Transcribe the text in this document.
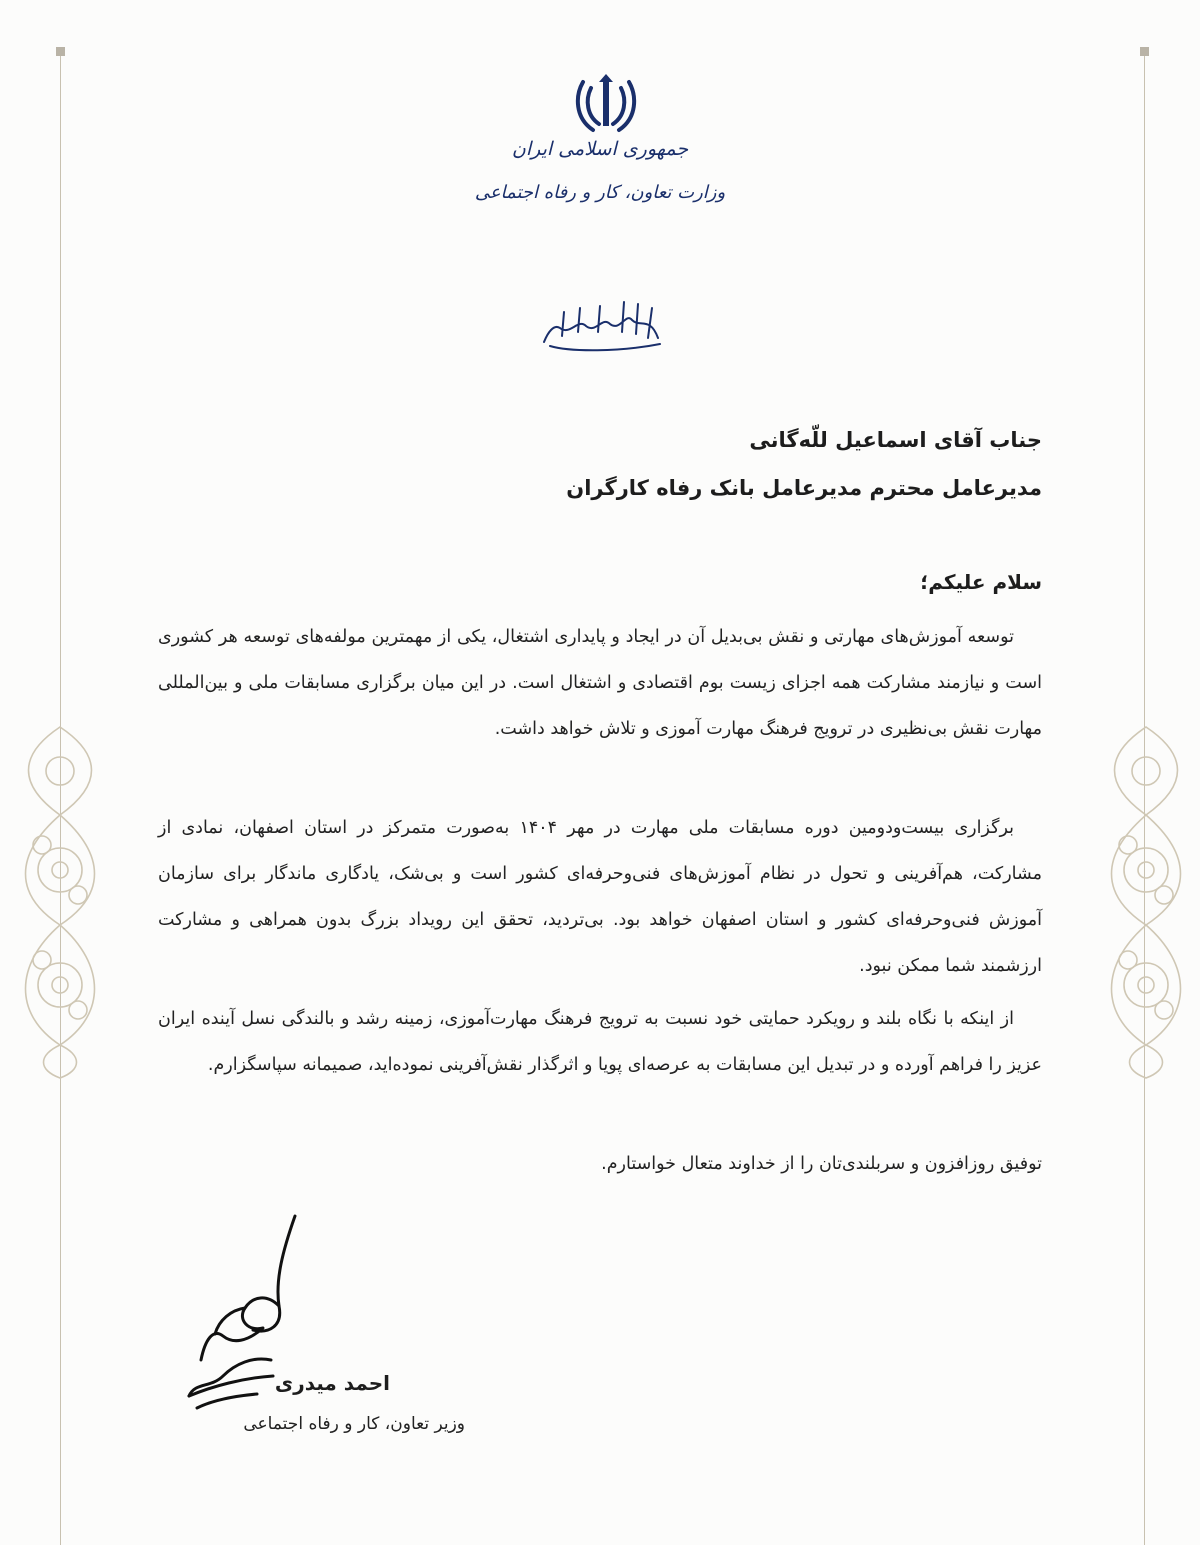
جمهوری اسلامی ایران
وزارت تعاون، کار و رفاه اجتماعی
جناب آقای اسماعیل للّه‌گانی
مدیرعامل محترم مدیرعامل بانک رفاه کارگران
سلام علیکم؛

توسعه آموزش‌های مهارتی و نقش بی‌بدیل آن در ایجاد و پایداری اشتغال، یکی از مهمترین مولفه‌های توسعه هر کشوری است و نیازمند مشارکت همه اجزای زیست بوم اقتصادی و اشتغال است. در این میان برگزاری مسابقات ملی و بین‌المللی مهارت نقش بی‌نظیری در ترویج فرهنگ مهارت آموزی و تلاش خواهد داشت.

برگزاری بیست‌ودومین دوره مسابقات ملی مهارت در مهر ۱۴۰۴ به‌صورت متمرکز در استان اصفهان، نمادی از مشارکت، هم‌آفرینی و تحول در نظام آموزش‌های فنی‌وحرفه‌ای کشور است و بی‌شک، یادگاری ماندگار برای سازمان آموزش فنی‌وحرفه‌ای کشور و استان اصفهان خواهد بود. بی‌تردید، تحقق این رویداد بزرگ بدون همراهی و مشارکت ارزشمند شما ممکن نبود.

از اینکه با نگاه بلند و رویکرد حمایتی خود نسبت به ترویج فرهنگ مهارت‌آموزی، زمینه رشد و بالندگی نسل آینده ایران عزیز را فراهم آورده و در تبدیل این مسابقات به عرصه‌ای پویا و اثرگذار نقش‌آفرینی نموده‌اید، صمیمانه سپاسگزارم.

توفیق روزافزون و سربلندی‌تان را از خداوند متعال خواستارم.

احمد میدری
وزیر تعاون، کار و رفاه اجتماعی
